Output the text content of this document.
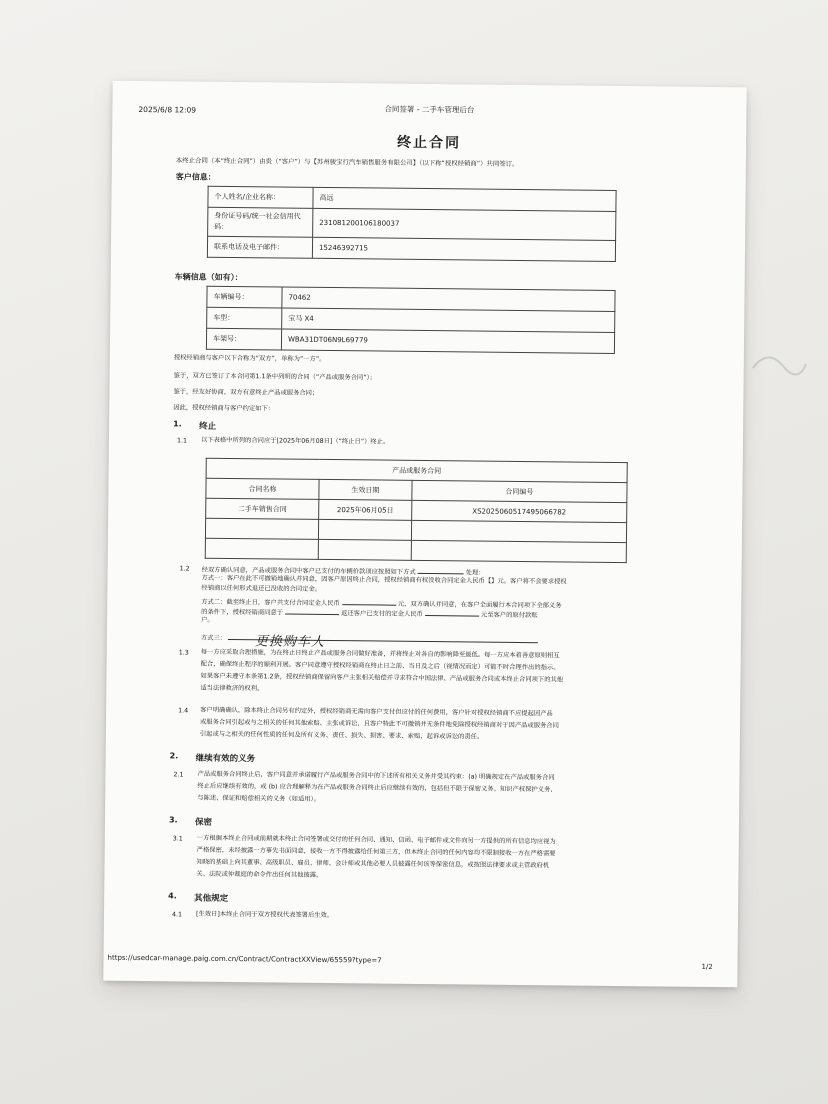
2025/6/8 12:09	合同签署 - 二手车管理后台
终止合同
本终止合同（本“终止合同”）由贵（“客户”）与【苏州骏宝行汽车销售服务有限公司】（以下称“授权经销商”）共同签订。
客户信息：
个人姓名/企业名称：	高远
身份证号码/统一社会信用代码：	231081200106180037
联系电话及电子邮件：	15246392715
车辆信息（如有）：
车辆编号：	70462
车型：	宝马 X4
车架号：	WBA31DT06N9L69779
授权经销商与客户以下合称为“双方”，单称为“一方”。
鉴于，双方已签订了本合同第1.1条中列明的合同（“产品或服务合同”）；
鉴于，经友好协商，双方有意终止产品或服务合同；
因此，授权经销商与客户约定如下：
1. 终止
1.1 以下表格中所列的合同应于[2025年06月08日]（“终止日”）终止。
产品或服务合同		
合同名称	生效日期	合同编号
二手车销售合同	2025年06月05日	XS20250605174950667​82

1.2 经双方确认同意，产品或服务合同中客户已支付的车辆价款项应按照如下方式	处理：
方式一：客户在此不可撤销地确认并同意，因客户原因终止合同，授权经销商有权没收合同定金人民币【】元。客户将不会要求授权
经销商以任何形式退还已没收的合同定金。
方式二：截至终止日，客户共支付合同定金人民币	元，双方确认并同意，在客户全面履行本合同项下全部义务
的条件下，授权经销商同意于	返还客户已支付的定金人民币	元至客户的原付款账
户。
方式三：	更换购车人
1.3 每一方应采取合理措施，为在终止日终止产品或服务合同做好准备，并将终止对各自的影响降至最低。每一方应本着善意原则相互
配合，确保终止程序的顺利开展。客户同意遵守授权经销商在终止日之前、当日及之后（视情况而定）可能不时合理作出的指示。
如果客户未遵守本条第1.2条，授权经销商保留向客户主张相关赔偿并寻求符合中国法律、产品或服务合同或本终止合同项下的其他
适当法律救济的权利。
1.4 客户明确确认，除本终止合同另有约定外，授权经销商无需向客户支付但应付的任何费用，客户针对授权经销商不应提起因产品
或服务合同引起或与之相关的任何其他索赔、主张或诉讼，且客户特此不可撤销并无条件地免除授权经销商对于因产品或服务合同
引起或与之相关的任何性质的任何及所有义务、责任、损失、损害、要求、索赔、起诉或诉讼的责任。
2. 继续有效的义务
2.1 产品或服务合同终止后，客户同意并承诺履行产品或服务合同中的下述所有相关义务并受其约束：(a) 明确规定在产品或服务合同
终止后应继续有效的，或 (b) 应合理解释为在产品或服务合同终止后应继续有效的，包括但不限于保密义务、知识产权保护义务、
与陈述、保证和赔偿相关的义务（如适用）。
3. 保密
3.1 一方根据本终止合同或前期就本终止合同签署或交付的任何合同、通知、信函、电子邮件或文件向另一方提供的所有信息均应视为
严格保密，未经披露一方事先书面同意，接收一方不得披露给任何第三方，但本终止合同的任何内容均不限制接收一方在严格需要
知晓的基础上向其董事、高级职员、雇员、律师、会计师或其他必要人员披露任何该等保密信息，或按照法律要求或主管政府机
关、法院或仲裁庭的命令作出任何其他披露。
4. 其他规定
4.1 [生效日]本终止合同于双方授权代表签署后生效。
https://usedcar-manage.paig.com.cn/Contract/ContractXXView/65559?type=7
1/2
